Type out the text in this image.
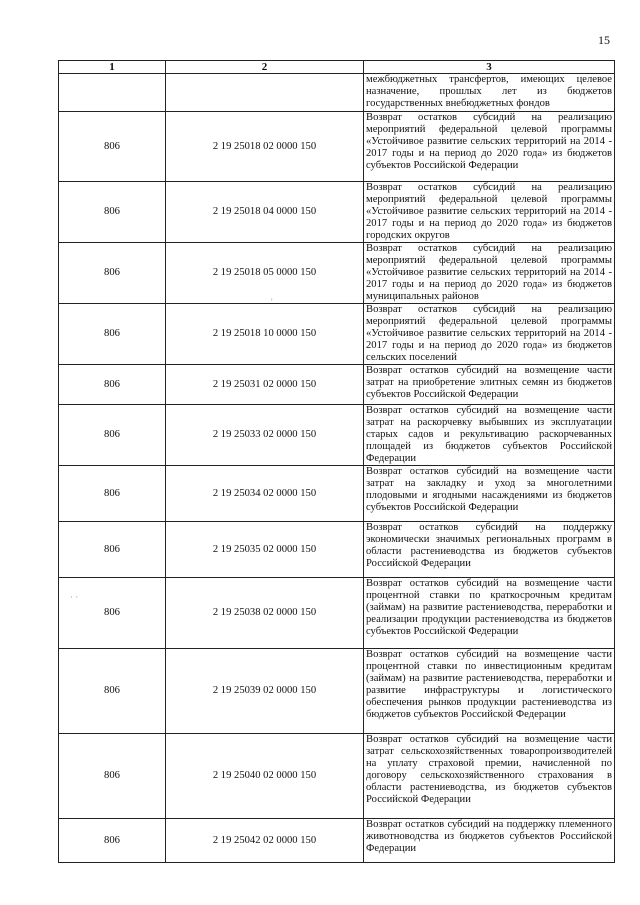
15
1	2	3
		межбюджетных трансфертов, имеющих целевое назначение, прошлых лет из бюджетов государственных внебюджетных фондов
806	2 19 25018 02 0000 150	Возврат остатков субсидий на реализацию мероприятий федеральной целевой программы «Устойчивое развитие сельских территорий на 2014 - 2017 годы и на период до 2020 года» из бюджетов субъектов Российской Федерации
806	2 19 25018 04 0000 150	Возврат остатков субсидий на реализацию мероприятий федеральной целевой программы «Устойчивое развитие сельских территорий на 2014 - 2017 годы и на период до 2020 года» из бюджетов городских округов
806	2 19 25018 05 0000 150	Возврат остатков субсидий на реализацию мероприятий федеральной целевой программы «Устойчивое развитие сельских территорий на 2014 - 2017 годы и на период до 2020 года» из бюджетов муниципальных районов
806	2 19 25018 10 0000 150	Возврат остатков субсидий на реализацию мероприятий федеральной целевой программы «Устойчивое развитие сельских территорий на 2014 - 2017 годы и на период до 2020 года» из бюджетов сельских поселений
806	2 19 25031 02 0000 150	Возврат остатков субсидий на возмещение части затрат на приобретение элитных семян из бюджетов субъектов Российской Федерации
806	2 19 25033 02 0000 150	Возврат остатков субсидий на возмещение части затрат на раскорчевку выбывших из эксплуатации старых садов и рекультивацию раскорчеванных площадей из бюджетов субъектов Российской Федерации
806	2 19 25034 02 0000 150	Возврат остатков субсидий на возмещение части затрат на закладку и уход за многолетними плодовыми и ягодными насаждениями из бюджетов субъектов Российской Федерации
806	2 19 25035 02 0000 150	Возврат остатков субсидий на поддержку экономически значимых региональных программ в области растениеводства из бюджетов субъектов Российской Федерации
806	2 19 25038 02 0000 150	Возврат остатков субсидий на возмещение части процентной ставки по краткосрочным кредитам (займам) на развитие растениеводства, переработки и реализации продукции растениеводства из бюджетов субъектов Российской Федерации
806	2 19 25039 02 0000 150	Возврат остатков субсидий на возмещение части процентной ставки по инвестиционным кредитам (займам) на развитие растениеводства, переработки и развитие инфраструктуры и логистического обеспечения рынков продукции растениеводства из бюджетов субъектов Российской Федерации
806	2 19 25040 02 0000 150	Возврат остатков субсидий на возмещение части затрат сельскохозяйственных товаропроизводителей на уплату страховой премии, начисленной по договору сельскохозяйственного страхования в области растениеводства, из бюджетов субъектов Российской Федерации
806	2 19 25042 02 0000 150	Возврат остатков субсидий на поддержку племенного животноводства из бюджетов субъектов Российской Федерации
· ·
'
